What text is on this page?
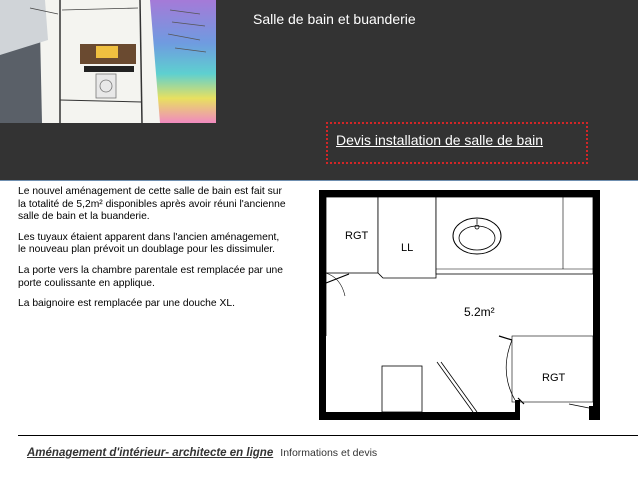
Salle de bain et buanderie
Devis installation de salle de bain

Le nouvel aménagement de cette salle de bain est fait sur la totalité de 5,2m² disponibles après avoir réuni l'ancienne salle de bain et la buanderie.

Les tuyaux étaient apparent dans l'ancien aménagement, le nouveau plan prévoit un doublage pour les dissimuler.

La porte vers la chambre parentale est remplacée par une porte coulissante en applique.

La baignoire est remplacée par une douche XL.

RGT
LL
5.2m²
RGT
Aménagement d'intérieur- architecte en ligne Informations et devis
